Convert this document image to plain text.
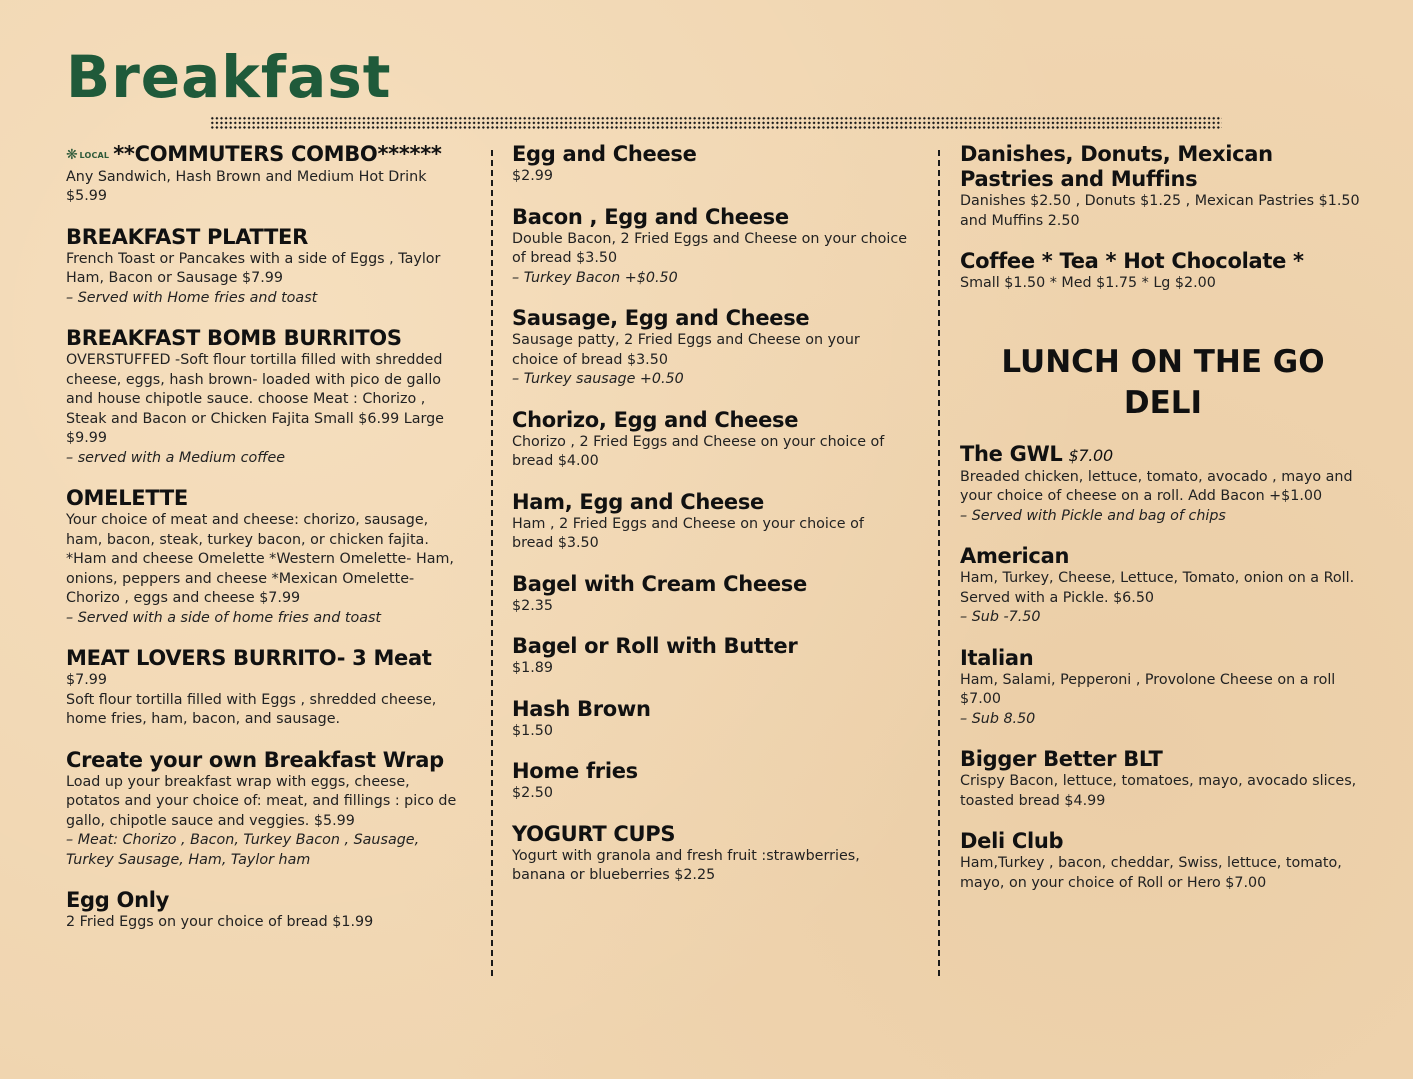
Breakfast
❋ LOCAL **COMMUTERS COMBO******
Any Sandwich, Hash Brown and Medium Hot Drink
$5.99
BREAKFAST PLATTER
French Toast or Pancakes with a side of Eggs , Taylor Ham, Bacon or Sausage $7.99
– Served with Home fries and toast
BREAKFAST BOMB BURRITOS
OVERSTUFFED -Soft flour tortilla filled with shredded cheese, eggs, hash brown- loaded with pico de gallo and house chipotle sauce. choose Meat : Chorizo , Steak and Bacon or Chicken Fajita Small $6.99 Large $9.99
– served with a Medium coffee
OMELETTE
Your choice of meat and cheese: chorizo, sausage, ham, bacon, steak, turkey bacon, or chicken fajita. *Ham and cheese Omelette *Western Omelette- Ham, onions, peppers and cheese *Mexican Omelette- Chorizo , eggs and cheese $7.99
– Served with a side of home fries and toast
MEAT LOVERS BURRITO- 3 Meat
$7.99
Soft flour tortilla filled with Eggs , shredded cheese, home fries, ham, bacon, and sausage.
Create your own Breakfast Wrap
Load up your breakfast wrap with eggs, cheese, potatos and your choice of: meat, and fillings : pico de gallo, chipotle sauce and veggies. $5.99
– Meat: Chorizo , Bacon, Turkey Bacon , Sausage, Turkey Sausage, Ham, Taylor ham
Egg Only
2 Fried Eggs on your choice of bread $1.99
Egg and Cheese
$2.99
Bacon , Egg and Cheese
Double Bacon, 2 Fried Eggs and Cheese on your choice of bread $3.50
– Turkey Bacon +$0.50
Sausage, Egg and Cheese
Sausage patty, 2 Fried Eggs and Cheese on your choice of bread $3.50
– Turkey sausage +0.50
Chorizo, Egg and Cheese
Chorizo , 2 Fried Eggs and Cheese on your choice of bread $4.00
Ham, Egg and Cheese
Ham , 2 Fried Eggs and Cheese on your choice of bread $3.50
Bagel with Cream Cheese
$2.35
Bagel or Roll with Butter
$1.89
Hash Brown
$1.50
Home fries
$2.50
YOGURT CUPS
Yogurt with granola and fresh fruit :strawberries, banana or blueberries $2.25
Danishes, Donuts, Mexican Pastries and Muffins
Danishes $2.50 , Donuts $1.25 , Mexican Pastries $1.50 and Muffins 2.50
Coffee * Tea * Hot Chocolate *
Small $1.50 * Med $1.75 * Lg $2.00
LUNCH ON THE GO
DELI
The GWL $7.00
Breaded chicken, lettuce, tomato, avocado , mayo and your choice of cheese on a roll. Add Bacon +$1.00
– Served with Pickle and bag of chips
American
Ham, Turkey, Cheese, Lettuce, Tomato, onion on a Roll. Served with a Pickle. $6.50
– Sub -7.50
Italian
Ham, Salami, Pepperoni , Provolone Cheese on a roll $7.00
– Sub 8.50
Bigger Better BLT
Crispy Bacon, lettuce, tomatoes, mayo, avocado slices, toasted bread $4.99
Deli Club
Ham,Turkey , bacon, cheddar, Swiss, lettuce, tomato, mayo, on your choice of Roll or Hero $7.00
